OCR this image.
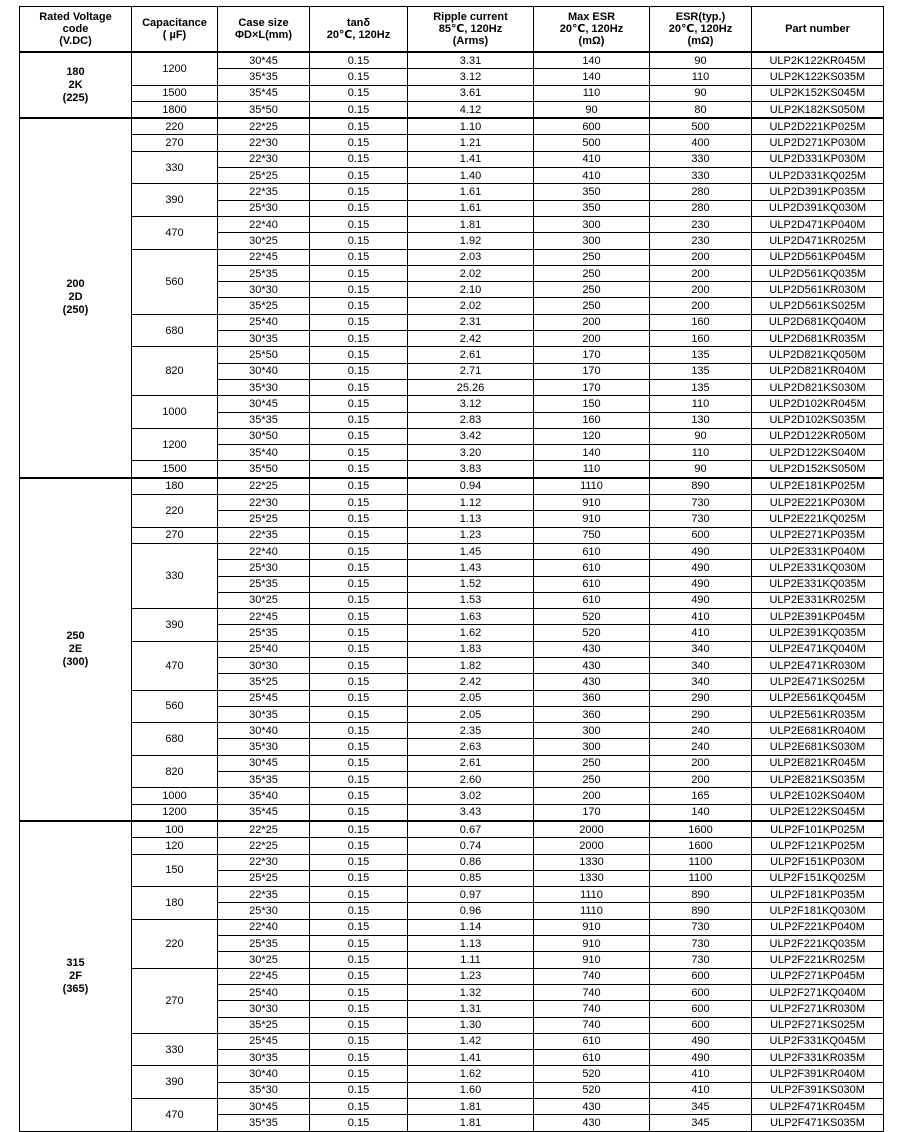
Rated Voltage
code
(V.DC)	Capacitance
( µF)	Case size
ΦD×L(mm)	tanδ
20℃, 120Hz	Ripple current
85℃, 120Hz
(Arms)	Max ESR
20℃, 120Hz
(mΩ)	ESR(typ.)
20℃, 120Hz
(mΩ)	Part number

180
2K
(225)	1200	30*45	0.15	3.31	140	90	ULP2K122KR045M
		35*35	0.15	3.12	140	110	ULP2K122KS035M
	1500	35*45	0.15	3.61	110	90	ULP2K152KS045M
	1800	35*50	0.15	4.12	90	80	ULP2K182KS050M

200
2D
(250)	220	22*25	0.15	1.10	600	500	ULP2D221KP025M
	270	22*30	0.15	1.21	500	400	ULP2D271KP030M
	330	22*30	0.15	1.41	410	330	ULP2D331KP030M
		25*25	0.15	1.40	410	330	ULP2D331KQ025M
	390	22*35	0.15	1.61	350	280	ULP2D391KP035M
		25*30	0.15	1.61	350	280	ULP2D391KQ030M
	470	22*40	0.15	1.81	300	230	ULP2D471KP040M
		30*25	0.15	1.92	300	230	ULP2D471KR025M
	560	22*45	0.15	2.03	250	200	ULP2D561KP045M
		25*35	0.15	2.02	250	200	ULP2D561KQ035M
		30*30	0.15	2.10	250	200	ULP2D561KR030M
		35*25	0.15	2.02	250	200	ULP2D561KS025M
	680	25*40	0.15	2.31	200	160	ULP2D681KQ040M
		30*35	0.15	2.42	200	160	ULP2D681KR035M
	820	25*50	0.15	2.61	170	135	ULP2D821KQ050M
		30*40	0.15	2.71	170	135	ULP2D821KR040M
		35*30	0.15	25.26	170	135	ULP2D821KS030M
	1000	30*45	0.15	3.12	150	110	ULP2D102KR045M
		35*35	0.15	2.83	160	130	ULP2D102KS035M
	1200	30*50	0.15	3.42	120	90	ULP2D122KR050M
		35*40	0.15	3.20	140	110	ULP2D122KS040M
	1500	35*50	0.15	3.83	110	90	ULP2D152KS050M

250
2E
(300)	180	22*25	0.15	0.94	1110	890	ULP2E181KP025M
	220	22*30	0.15	1.12	910	730	ULP2E221KP030M
		25*25	0.15	1.13	910	730	ULP2E221KQ025M
	270	22*35	0.15	1.23	750	600	ULP2E271KP035M
	330	22*40	0.15	1.45	610	490	ULP2E331KP040M
		25*30	0.15	1.43	610	490	ULP2E331KQ030M
		25*35	0.15	1.52	610	490	ULP2E331KQ035M
		30*25	0.15	1.53	610	490	ULP2E331KR025M
	390	22*45	0.15	1.63	520	410	ULP2E391KP045M
		25*35	0.15	1.62	520	410	ULP2E391KQ035M
	470	25*40	0.15	1.83	430	340	ULP2E471KQ040M
		30*30	0.15	1.82	430	340	ULP2E471KR030M
		35*25	0.15	2.42	430	340	ULP2E471KS025M
	560	25*45	0.15	2.05	360	290	ULP2E561KQ045M
		30*35	0.15	2.05	360	290	ULP2E561KR035M
	680	30*40	0.15	2.35	300	240	ULP2E681KR040M
		35*30	0.15	2.63	300	240	ULP2E681KS030M
	820	30*45	0.15	2.61	250	200	ULP2E821KR045M
		35*35	0.15	2.60	250	200	ULP2E821KS035M
	1000	35*40	0.15	3.02	200	165	ULP2E102KS040M
	1200	35*45	0.15	3.43	170	140	ULP2E122KS045M

315
2F
(365)	100	22*25	0.15	0.67	2000	1600	ULP2F101KP025M
	120	22*25	0.15	0.74	2000	1600	ULP2F121KP025M
	150	22*30	0.15	0.86	1330	1100	ULP2F151KP030M
		25*25	0.15	0.85	1330	1100	ULP2F151KQ025M
	180	22*35	0.15	0.97	1110	890	ULP2F181KP035M
		25*30	0.15	0.96	1110	890	ULP2F181KQ030M
	220	22*40	0.15	1.14	910	730	ULP2F221KP040M
		25*35	0.15	1.13	910	730	ULP2F221KQ035M
		30*25	0.15	1.11	910	730	ULP2F221KR025M
	270	22*45	0.15	1.23	740	600	ULP2F271KP045M
		25*40	0.15	1.32	740	600	ULP2F271KQ040M
		30*30	0.15	1.31	740	600	ULP2F271KR030M
		35*25	0.15	1.30	740	600	ULP2F271KS025M
	330	25*45	0.15	1.42	610	490	ULP2F331KQ045M
		30*35	0.15	1.41	610	490	ULP2F331KR035M
	390	30*40	0.15	1.62	520	410	ULP2F391KR040M
		35*30	0.15	1.60	520	410	ULP2F391KS030M
	470	30*45	0.15	1.81	430	345	ULP2F471KR045M
		35*35	0.15	1.81	430	345	ULP2F471KS035M
